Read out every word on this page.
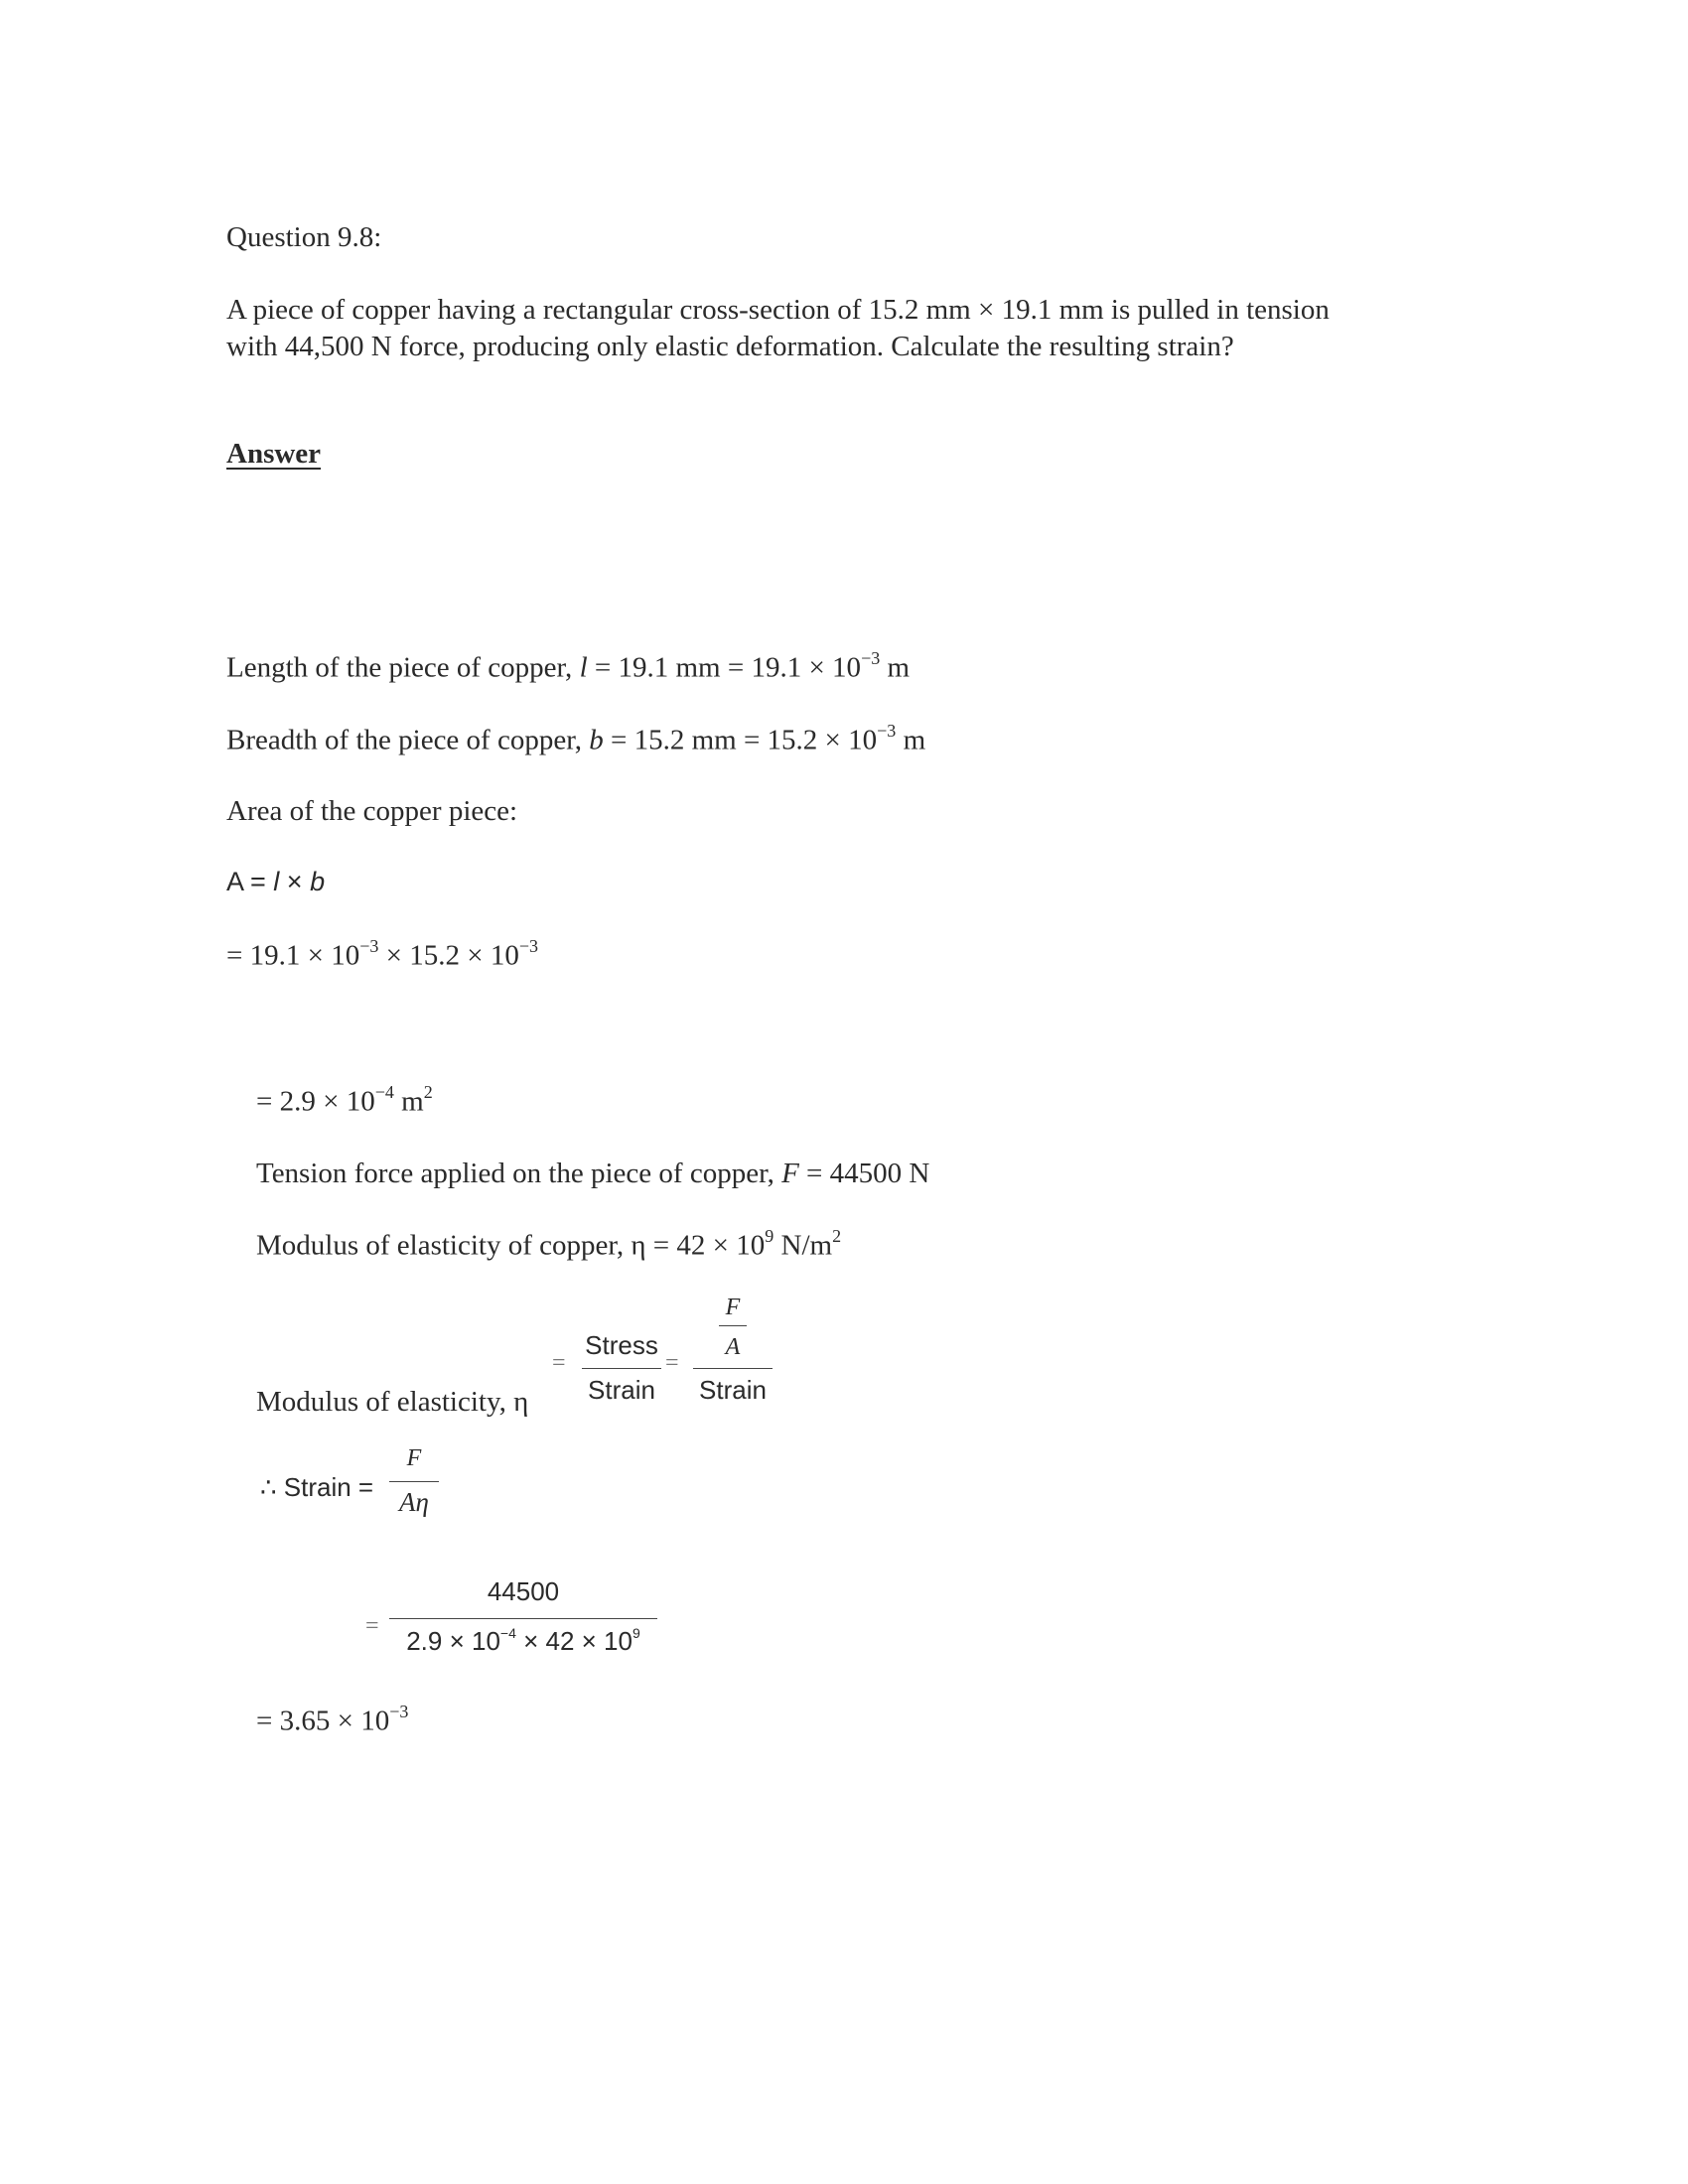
Question 9.8:
A piece of copper having a rectangular cross-section of 15.2 mm × 19.1 mm is pulled in tension with 44,500 N force, producing only elastic deformation. Calculate the resulting strain?
Answer
Length of the piece of copper, l = 19.1 mm = $19.1 \times 10^{-3}$ m
Breadth of the piece of copper, b = 15.2 mm = $15.2 \times 10^{-3}$ m
Area of the copper piece:
A = l × b
= $19.1 \times 10^{-3} \times 15.2 \times 10^{-3}$
= $2.9 \times 10^{-4}$ $m^2$
Tension force applied on the piece of copper, F = 44500 N
Modulus of elasticity of copper, $\eta = 42 \times 10^9$ $N/m^2$
Modulus of elasticity, η
=
Stress
Strain
=
F
A
Strain
∴ Strain =
F
Aη
=
44500
$2.9 \times 10^{-4} \times 42 \times 10^9$
= $3.65 \times 10^{-3}$
